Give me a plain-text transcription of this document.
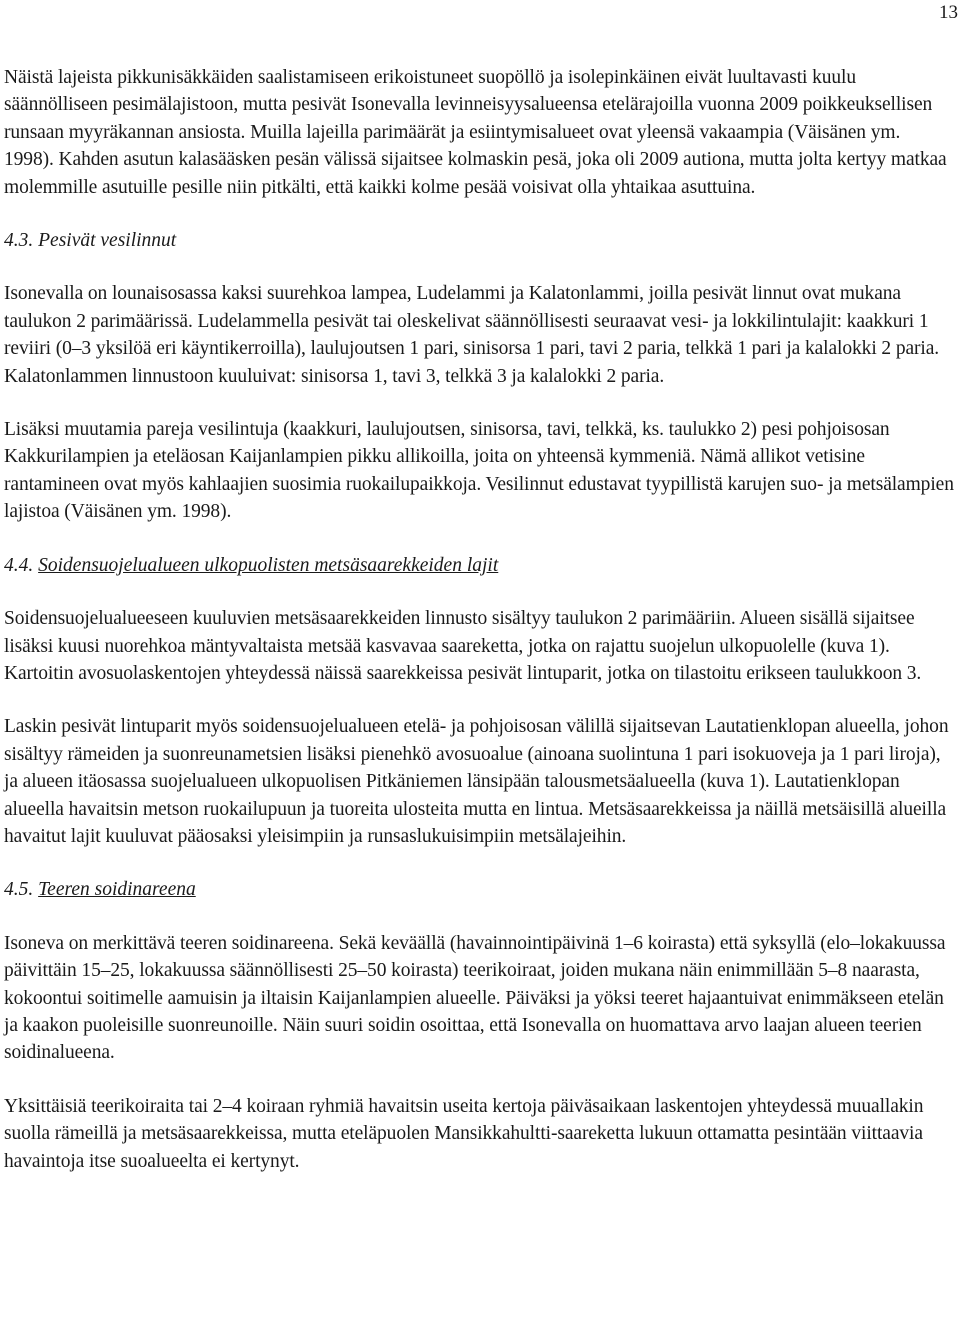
13

Näistä lajeista pikkunisäkkäiden saalistamiseen erikoistuneet suopöllö ja isolepinkäinen eivät luultavasti kuulu säännölliseen pesimälajistoon, mutta pesivät Isonevalla levinneisyysalueensa etelärajoilla vuonna 2009 poikkeuksellisen runsaan myyräkannan ansiosta. Muilla lajeilla parimäärät ja esiintymisalueet ovat yleensä vakaampia (Väisänen ym. 1998). Kahden asutun kalasääsken pesän välissä sijaitsee kolmaskin pesä, joka oli 2009 autiona, mutta jolta kertyy matkaa molemmille asutuille pesille niin pitkälti, että kaikki kolme pesää voisivat olla yhtaikaa asuttuina.

4.3. Pesivät vesilinnut

Isonevalla on lounaisosassa kaksi suurehkoa lampea, Ludelammi ja Kalatonlammi, joilla pesivät linnut ovat mukana taulukon 2 parimäärissä. Ludelammella pesivät tai oleskelivat säännöllisesti seuraavat vesi- ja lokkilintulajit: kaakkuri 1 reviiri (0–3 yksilöä eri käyntikerroilla), laulujoutsen 1 pari, sinisorsa 1 pari, tavi 2 paria, telkkä 1 pari ja kalalokki 2 paria. Kalatonlammen linnustoon kuuluivat: sinisorsa 1, tavi 3, telkkä 3 ja kalalokki 2 paria.

Lisäksi muutamia pareja vesilintuja (kaakkuri, laulujoutsen, sinisorsa, tavi, telkkä, ks. taulukko 2) pesi pohjoisosan Kakkurilampien ja eteläosan Kaijanlampien pikku allikoilla, joita on yhteensä kymmeniä. Nämä allikot vetisine rantamineen ovat myös kahlaajien suosimia ruokailupaikkoja. Vesilinnut edustavat tyypillistä karujen suo- ja metsälampien lajistoa (Väisänen ym. 1998).

4.4. Soidensuojelualueen ulkopuolisten metsäsaarekkeiden lajit

Soidensuojelualueeseen kuuluvien metsäsaarekkeiden linnusto sisältyy taulukon 2 parimääriin. Alueen sisällä sijaitsee lisäksi kuusi nuorehkoa mäntyvaltaista metsää kasvavaa saareketta, jotka on rajattu suojelun ulkopuolelle (kuva 1). Kartoitin avosuolaskentojen yhteydessä näissä saarekkeissa pesivät lintuparit, jotka on tilastoitu erikseen taulukkoon 3.

Laskin pesivät lintuparit myös soidensuojelualueen etelä- ja pohjoisosan välillä sijaitsevan Lautatienklopan alueella, johon sisältyy rämeiden ja suonreunametsien lisäksi pienehkö avosuoalue (ainoana suolintuna 1 pari isokuoveja ja 1 pari liroja), ja alueen itäosassa suojelualueen ulkopuolisen Pitkäniemen länsipään talousmetsäalueella (kuva 1). Lautatienklopan alueella havaitsin metson ruokailupuun ja tuoreita ulosteita mutta en lintua. Metsäsaarekkeissa ja näillä metsäisillä alueilla havaitut lajit kuuluvat pääosaksi yleisimpiin ja runsaslukuisimpiin metsälajeihin.

4.5. Teeren soidinareena

Isoneva on merkittävä teeren soidinareena. Sekä keväällä (havainnointipäivinä 1–6 koirasta) että syksyllä (elo–lokakuussa päivittäin 15–25, lokakuussa säännöllisesti 25–50 koirasta) teerikoiraat, joiden mukana näin enimmillään 5–8 naarasta, kokoontui soitimelle aamuisin ja iltaisin Kaijanlampien alueelle. Päiväksi ja yöksi teeret hajaantuivat enimmäkseen etelän ja kaakon puoleisille suonreunoille. Näin suuri soidin osoittaa, että Isonevalla on huomattava arvo laajan alueen teerien soidinalueena.

Yksittäisiä teerikoiraita tai 2–4 koiraan ryhmiä havaitsin useita kertoja päiväsaikaan laskentojen yhteydessä muuallakin suolla rämeillä ja metsäsaarekkeissa, mutta eteläpuolen Mansikkahultti-saareketta lukuun ottamatta pesintään viittaavia havaintoja itse suoalueelta ei kertynyt.
